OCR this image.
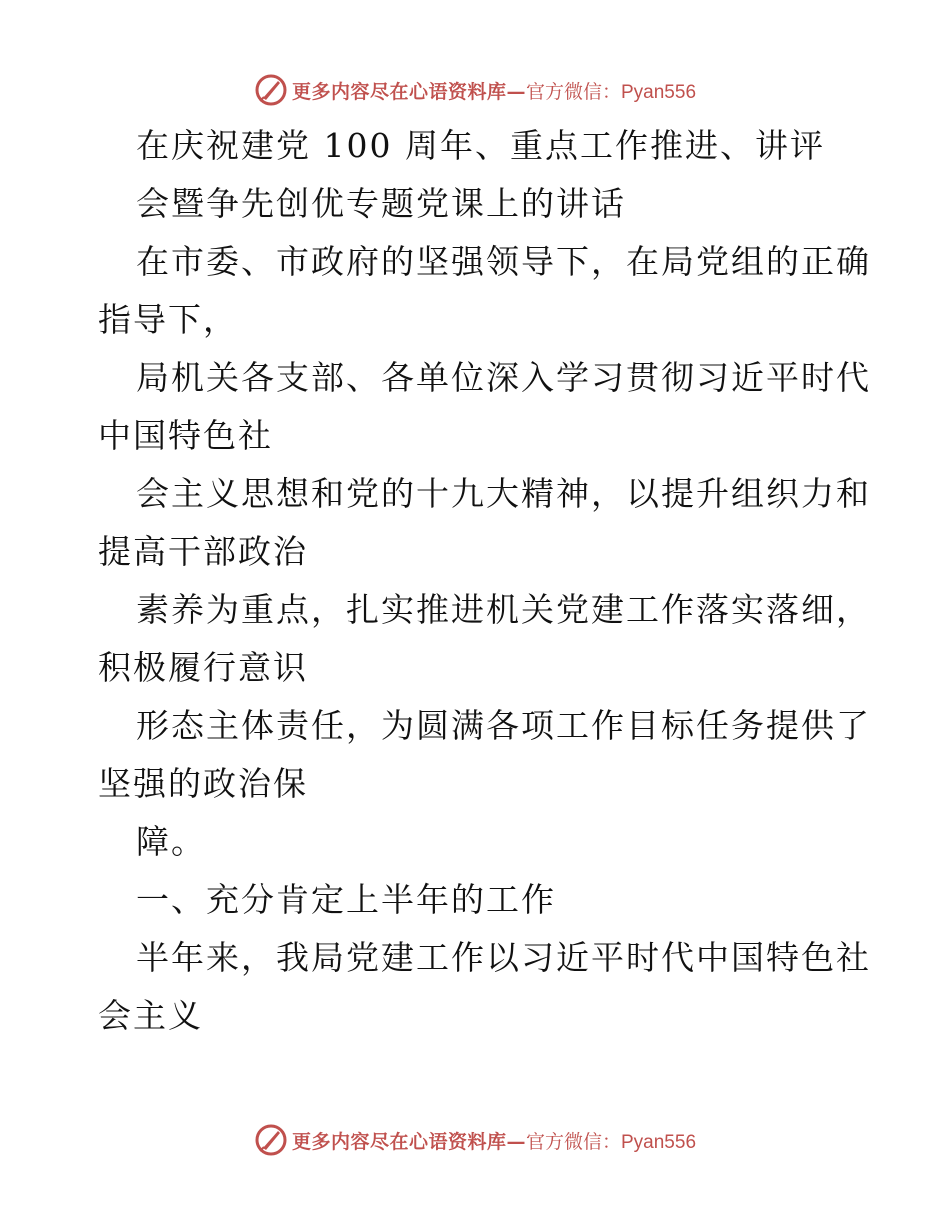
更多内容尽在心语资料库— 官方微信：Pyan556
在庆祝建党 100 周年、重点工作推进、讲评
会暨争先创优专题党课上的讲话
在市委、市政府的坚强领导下，在局党组的正确
指导下，
局机关各支部、各单位深入学习贯彻习近平时代
中国特色社
会主义思想和党的十九大精神，以提升组织力和
提高干部政治
素养为重点，扎实推进机关党建工作落实落细，
积极履行意识
形态主体责任，为圆满各项工作目标任务提供了
坚强的政治保
障。
一、充分肯定上半年的工作
半年来，我局党建工作以习近平时代中国特色社
会主义
更多内容尽在心语资料库— 官方微信：Pyan556
